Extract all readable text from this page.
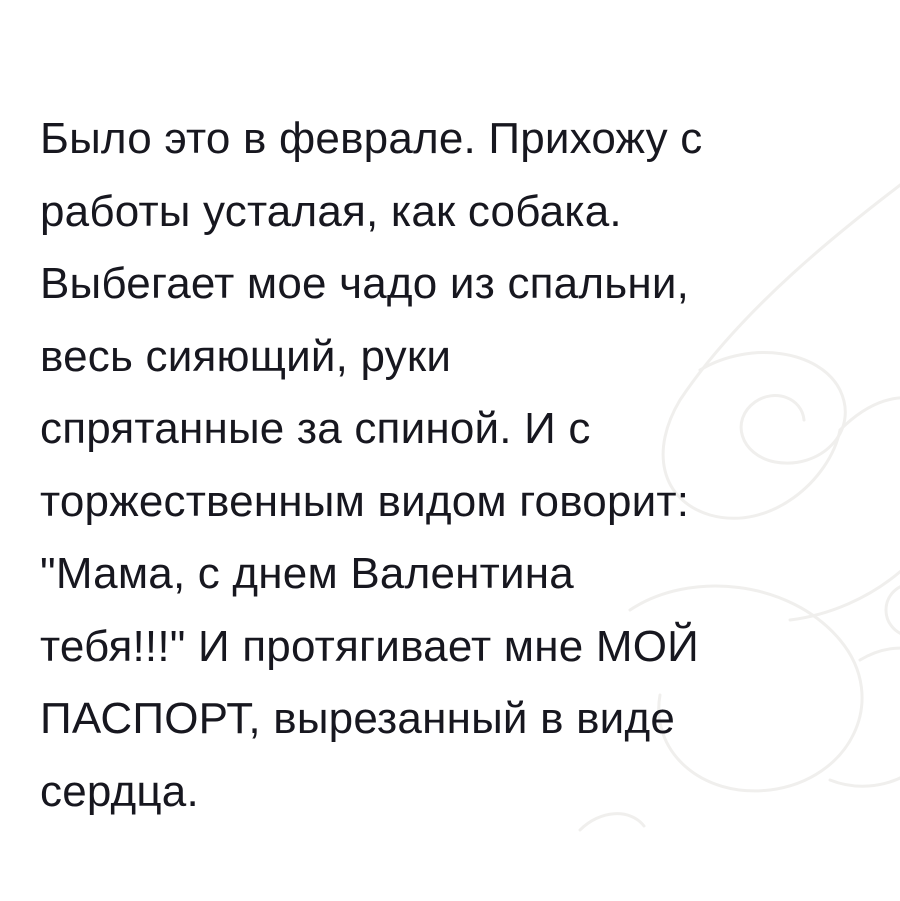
Было это в феврале. Прихожу с
работы усталая, как собака.
Выбегает мое чадо из спальни,
весь сияющий, руки
спрятанные за спиной. И с
торжественным видом говорит:
"Мама, с днем Валентина
тебя!!!" И протягивает мне МОЙ
ПАСПОРТ, вырезанный в виде
сердца.
